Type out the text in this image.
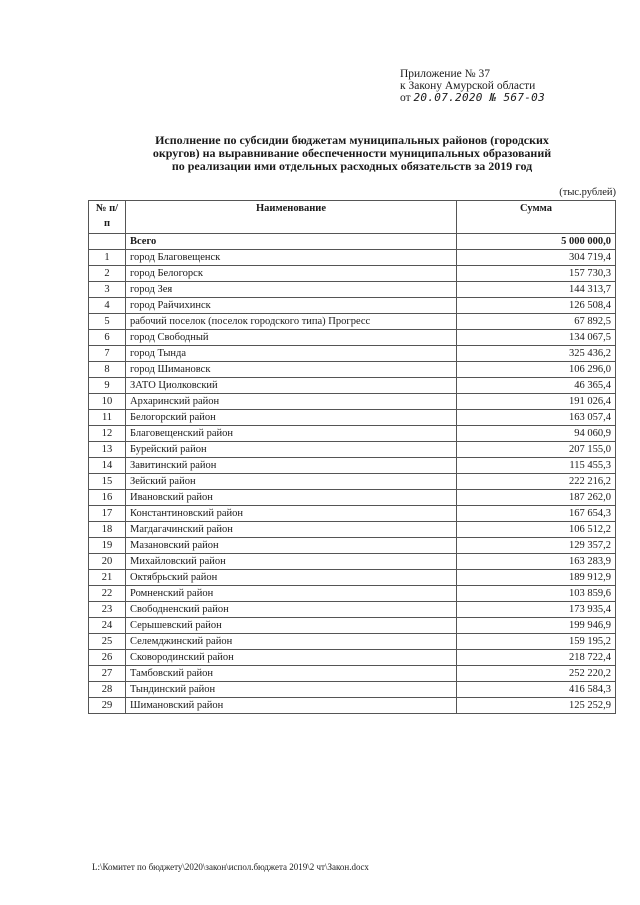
Приложение № 37
к Закону Амурской области
от 20.07.2020 № 567-03
Исполнение по субсидии бюджетам муниципальных районов (городских
округов) на выравнивание обеспеченности муниципальных образований
по реализации ими отдельных расходных обязательств за 2019 год
(тыс.рублей)
№ п/п	Наименование	Сумма
	Всего	5 000 000,0
1	город Благовещенск	304 719,4
2	город Белогорск	157 730,3
3	город Зея	144 313,7
4	город Райчихинск	126 508,4
5	рабочий поселок (поселок городского типа) Прогресс	67 892,5
6	город Свободный	134 067,5
7	город Тында	325 436,2
8	город Шимановск	106 296,0
9	ЗАТО Циолковский	46 365,4
10	Архаринский район	191 026,4
11	Белогорский район	163 057,4
12	Благовещенский район	94 060,9
13	Бурейский район	207 155,0
14	Завитинский район	115 455,3
15	Зейский район	222 216,2
16	Ивановский район	187 262,0
17	Константиновский район	167 654,3
18	Магдагачинский район	106 512,2
19	Мазановский район	129 357,2
20	Михайловский район	163 283,9
21	Октябрьский район	189 912,9
22	Ромненский район	103 859,6
23	Свободненский район	173 935,4
24	Серышевский район	199 946,9
25	Селемджинский район	159 195,2
26	Сковородинский район	218 722,4
27	Тамбовский район	252 220,2
28	Тындинский район	416 584,3
29	Шимановский район	125 252,9
L:\Комитет по бюджету\2020\закон\испол.бюджета 2019\2 чт\Закон.docx
